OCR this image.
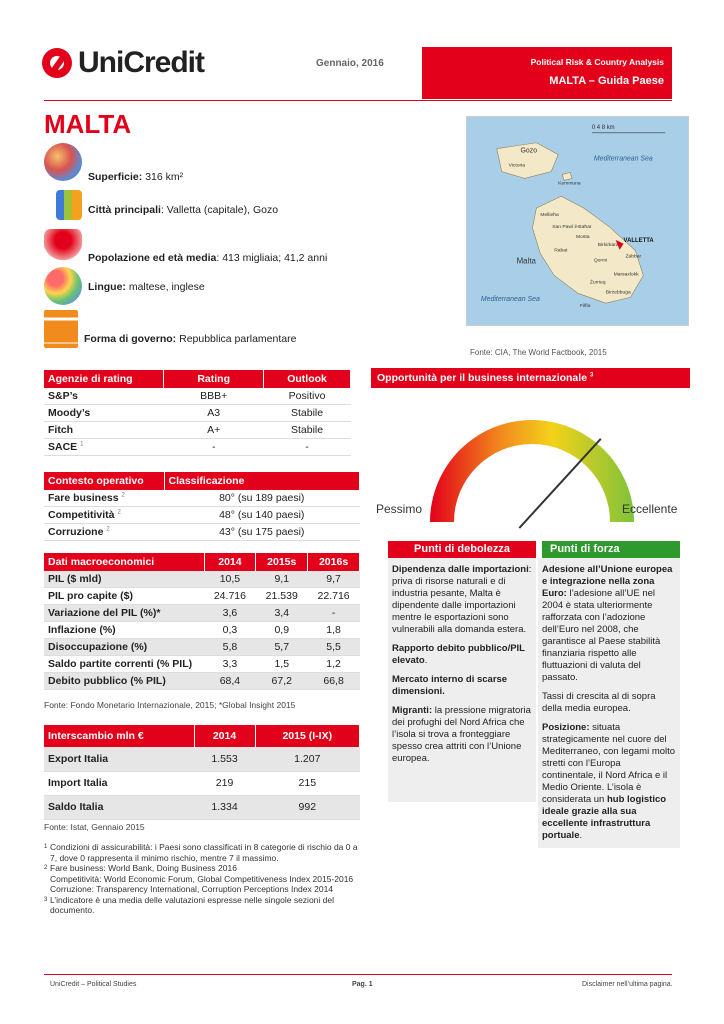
UniCredit	Gennaio, 2016	Political Risk & Country Analysis
MALTA – Guida Paese
MALTA
Superficie: 316 km²
Città principali: Valletta (capitale), Gozo
Popolazione ed età media: 413 migliaia; 41,2 anni
Lingue: maltese, inglese
Forma di governo: Repubblica parlamentare
0 4 8 km
Gozo
Victoria
Kemmuna
Mediterranean Sea
Mellieħa
San Pawl il-Baħar
Mosta
Rabat
Birkirkara
VALLETTA
Żabbar
Qormi
Malta
Marsaxlokk
Żurrieq
Birżebbuġa
Filfla
Mediterranean Sea
Fonte: CIA, The World Factbook, 2015
Agenzie di rating	Rating	Outlook
S&P’s	BBB+	Positivo
Moody’s	A3	Stabile
Fitch	A+	Stabile
SACE $^1$	-	-
Contesto operativo	Classificazione
Fare business $^2$	80° (su 189 paesi)
Competitività $^2$	48° (su 140 paesi)
Corruzione $^2$	43° (su 175 paesi)
Dati macroeconomici	2014	2015s	2016s
PIL ($ mld)	10,5	9,1	9,7
PIL pro capite ($)	24.716	21.539	22.716
Variazione del PIL (%)*	3,6	3,4	-
Inflazione (%)	0,3	0,9	1,8
Disoccupazione (%)	5,8	5,7	5,5
Saldo partite correnti (% PIL)	3,3	1,5	1,2
Debito pubblico (% PIL)	68,4	67,2	66,8
Fonte: Fondo Monetario Internazionale, 2015; *Global Insight 2015
Interscambio mln €	2014	2015 (I-IX)
Export Italia	1.553	1.207
Import Italia	219	215
Saldo Italia	1.334	992
Fonte: Istat, Gennaio 2015
Opportunità per il business internazionale $^3$
Pessimo	Eccellente
Punti di debolezza	Punti di forza

Dipendenza dalle importazioni: priva di risorse naturali e di industria pesante, Malta è dipendente dalle importazioni mentre le esportazioni sono vulnerabili alla domanda estera.

Rapporto debito pubblico/PIL elevato.

Mercato interno di scarse dimensioni.

Migranti: la pressione migratoria dei profughi del Nord Africa che l’isola si trova a fronteggiare spesso crea attriti con l’Unione europea.

Adesione all’Unione europea e integrazione nella zona Euro: l’adesione all’UE nel 2004 è stata ulteriormente rafforzata con l’adozione dell’Euro nel 2008, che garantisce al Paese stabilità finanziaria rispetto alle fluttuazioni di valuta del passato.

Tassi di crescita al di sopra della media europea.

Posizione: situata strategicamente nel cuore del Mediterraneo, con legami molto stretti con l’Europa continentale, il Nord Africa e il Medio Oriente. L’isola è considerata un hub logistico ideale grazie alla sua eccellente infrastruttura portuale.

1 Condizioni di assicurabilità: i Paesi sono classificati in 8 categorie di rischio da 0 a 7, dove 0 rappresenta il minimo rischio, mentre 7 il massimo.
2 Fare business: World Bank, Doing Business 2016
Competitività: World Economic Forum, Global Competitiveness Index 2015-2016
Corruzione: Transparency International, Corruption Perceptions Index 2014
3 L’indicatore è una media delle valutazioni espresse nelle singole sezioni del documento.
UniCredit – Political Studies	Pag. 1	Disclaimer nell’ultima pagina.
